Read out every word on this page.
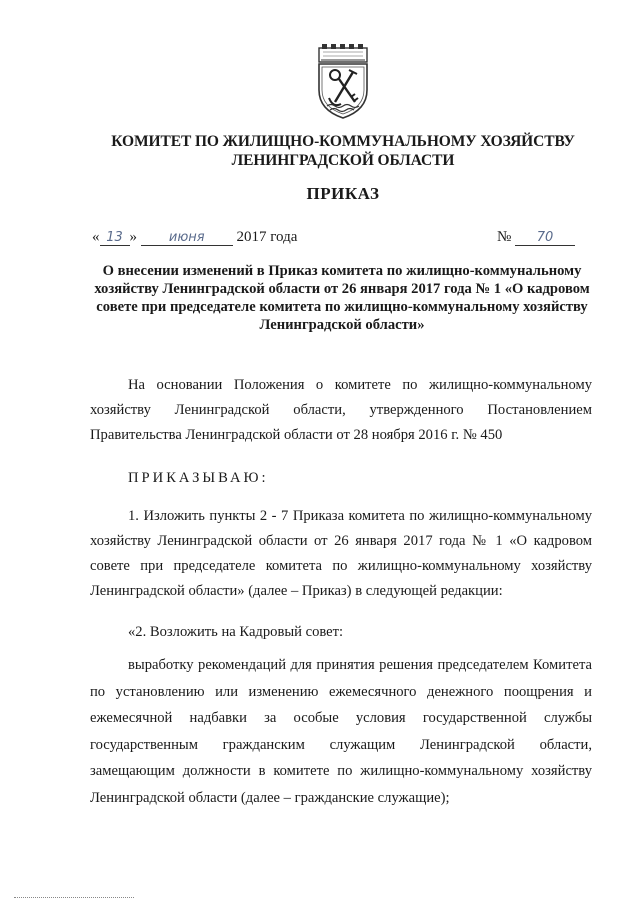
КОМИТЕТ ПО ЖИЛИЩНО-КОММУНАЛЬНОМУ ХОЗЯЙСТВУ
ЛЕНИНГРАДСКОЙ ОБЛАСТИ
ПРИКАЗ
« 13 » июня 2017 года	№ 70
О внесении изменений в Приказ комитета по жилищно-коммунальному хозяйству Ленинградской области от 26 января 2017 года № 1 «О кадровом совете при председателе комитета по жилищно-коммунальному хозяйству Ленинградской области»

На основании Положения о комитете по жилищно-коммунальному хозяйству Ленинградской области, утвержденного Постановлением Правительства Ленинградской области от 28 ноября 2016 г. № 450

ПРИКАЗЫВАЮ:

1. Изложить пункты 2 - 7 Приказа комитета по жилищно-коммунальному хозяйству Ленинградской области от 26 января 2017 года № 1 «О кадровом совете при председателе комитета по жилищно-коммунальному хозяйству Ленинградской области» (далее – Приказ) в следующей редакции:

«2. Возложить на Кадровый совет:

выработку рекомендаций для принятия решения председателем Комитета по установлению или изменению ежемесячного денежного поощрения и ежемесячной надбавки за особые условия государственной службы государственным гражданским служащим Ленинградской области, замещающим должности в комитете по жилищно-коммунальному хозяйству Ленинградской области (далее – гражданские служащие);
